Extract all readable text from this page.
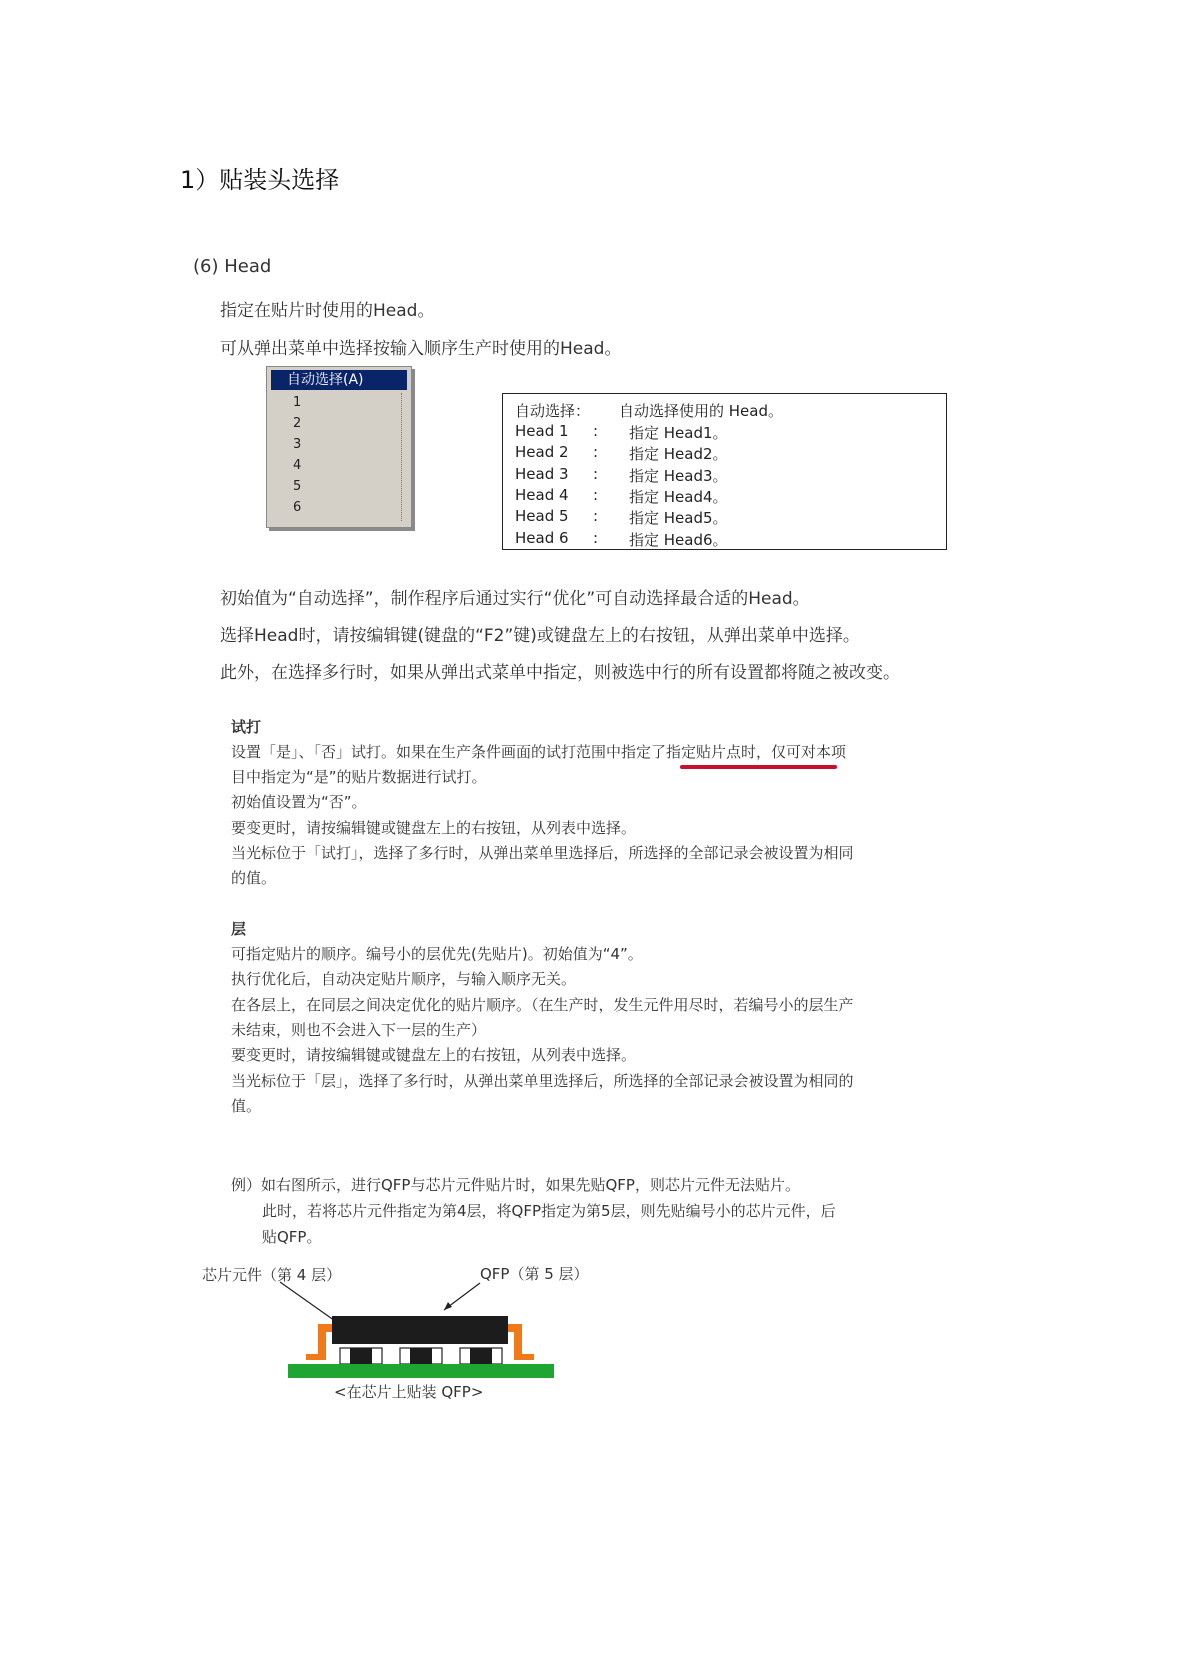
1）贴装头选择
(6) Head
指定在贴片时使用的Head。
可从弹出菜单中选择按输入顺序生产时使用的Head。
自动选择(A)
1
2
3
4
5
6
自动选择： 自动选择使用的 Head。
Head 1 : 指定 Head1。
Head 2 : 指定 Head2。
Head 3 : 指定 Head3。
Head 4 : 指定 Head4。
Head 5 : 指定 Head5。
Head 6 : 指定 Head6。
初始值为“自动选择”，制作程序后通过实行“优化”可自动选择最合适的Head。
选择Head时，请按编辑键(键盘的“F2”键)或键盘左上的右按钮，从弹出菜单中选择。
此外，在选择多行时，如果从弹出式菜单中指定，则被选中行的所有设置都将随之被改变。
试打
设置「是」、「否」试打。如果在生产条件画面的试打范围中指定了指定贴片点时，仅可对本项
目中指定为“是”的贴片数据进行试打。
初始值设置为“否”。
要变更时，请按编辑键或键盘左上的右按钮，从列表中选择。
当光标位于「试打」，选择了多行时，从弹出菜单里选择后，所选择的全部记录会被设置为相同
的值。
层
可指定贴片的顺序。编号小的层优先(先贴片)。初始值为“4”。
执行优化后，自动决定贴片顺序，与输入顺序无关。
在各层上，在同层之间决定优化的贴片顺序。（在生产时，发生元件用尽时，若编号小的层生产
未结束，则也不会进入下一层的生产）
要变更时，请按编辑键或键盘左上的右按钮，从列表中选择。
当光标位于「层」，选择了多行时，从弹出菜单里选择后，所选择的全部记录会被设置为相同的
值。
例）如右图所示，进行QFP与芯片元件贴片时，如果先贴QFP，则芯片元件无法贴片。
此时，若将芯片元件指定为第4层，将QFP指定为第5层，则先贴编号小的芯片元件，后
贴QFP。
芯片元件（第 4 层）	QFP（第 5 层）
<在芯片上贴装 QFP>
